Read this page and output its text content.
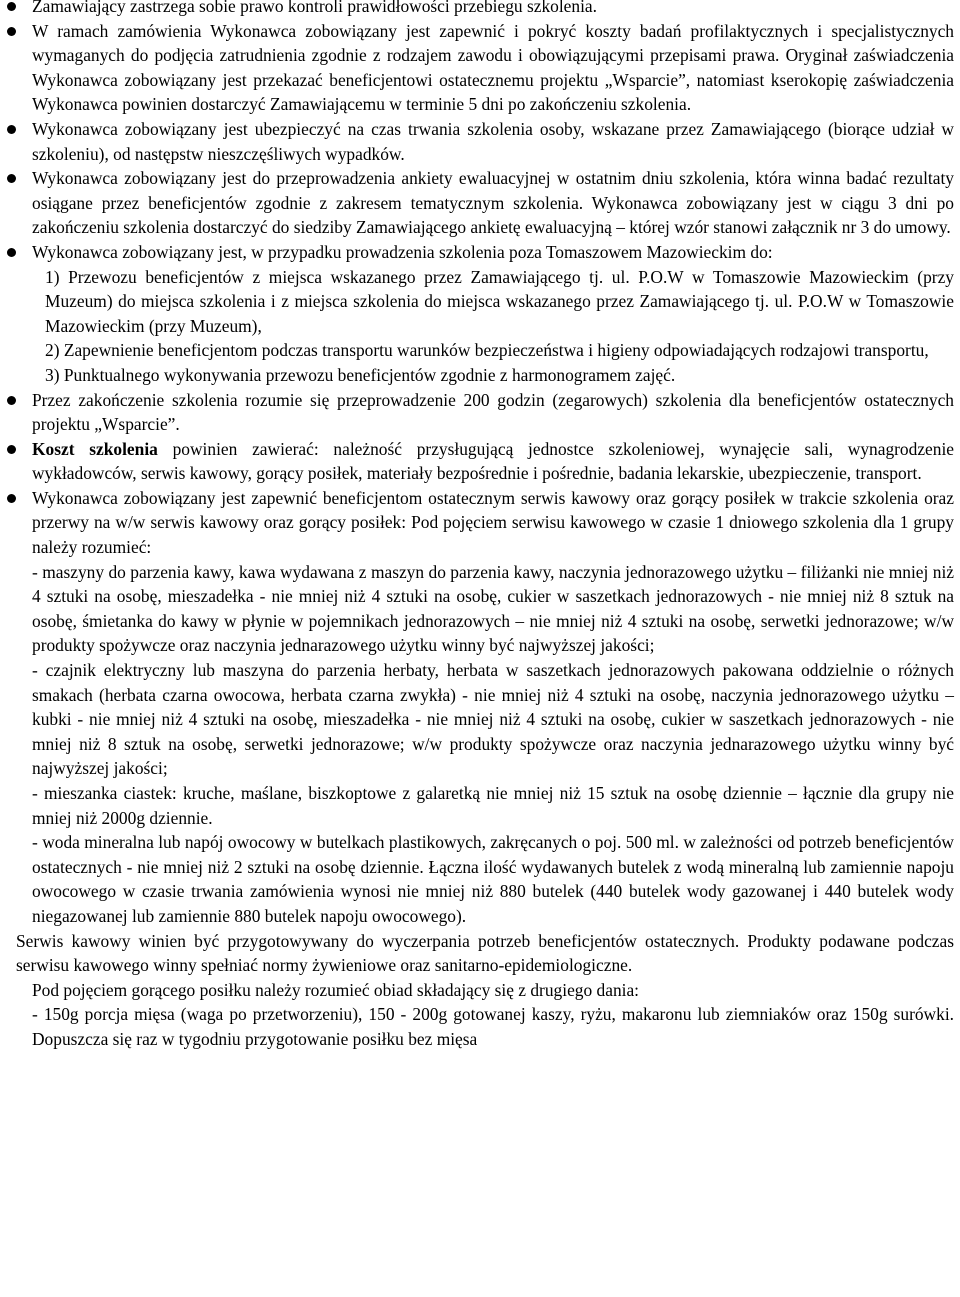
Zamawiający zastrzega sobie prawo kontroli prawidłowości przebiegu szkolenia.
W ramach zamówienia Wykonawca zobowiązany jest zapewnić i pokryć koszty badań profilaktycznych i specjalistycznych wymaganych do podjęcia zatrudnienia zgodnie z rodzajem zawodu i obowiązującymi przepisami prawa. Oryginał zaświadczenia Wykonawca zobowiązany jest przekazać beneficjentowi ostatecznemu projektu „Wsparcie”, natomiast kserokopię zaświadczenia Wykonawca powinien dostarczyć Zamawiającemu w terminie 5 dni po zakończeniu szkolenia.
Wykonawca zobowiązany jest ubezpieczyć na czas trwania szkolenia osoby, wskazane przez Zamawiającego (biorące udział w szkoleniu), od następstw nieszczęśliwych wypadków.
Wykonawca zobowiązany jest do przeprowadzenia ankiety ewaluacyjnej w ostatnim dniu szkolenia, która winna badać rezultaty osiągane przez beneficjentów zgodnie z zakresem tematycznym szkolenia. Wykonawca zobowiązany jest w ciągu 3 dni po zakończeniu szkolenia dostarczyć do siedziby Zamawiającego ankietę ewaluacyjną – której wzór stanowi załącznik nr 3 do umowy.
Wykonawca zobowiązany jest, w przypadku prowadzenia szkolenia poza Tomaszowem Mazowieckim do:
1) Przewozu beneficjentów z miejsca wskazanego przez Zamawiającego tj. ul. P.O.W w Tomaszowie Mazowieckim (przy Muzeum) do miejsca szkolenia i z miejsca szkolenia do miejsca wskazanego przez Zamawiającego tj. ul. P.O.W w Tomaszowie Mazowieckim (przy Muzeum),
2) Zapewnienie beneficjentom podczas transportu warunków bezpieczeństwa i higieny odpowiadających rodzajowi transportu,
3) Punktualnego wykonywania przewozu beneficjentów zgodnie z harmonogramem zajęć.
Przez zakończenie szkolenia rozumie się przeprowadzenie 200 godzin (zegarowych) szkolenia dla beneficjentów ostatecznych projektu „Wsparcie”.
Koszt szkolenia powinien zawierać: należność przysługującą jednostce szkoleniowej, wynajęcie sali, wynagrodzenie wykładowców, serwis kawowy, gorący posiłek, materiały bezpośrednie i pośrednie, badania lekarskie, ubezpieczenie, transport.
Wykonawca zobowiązany jest zapewnić beneficjentom ostatecznym serwis kawowy oraz gorący posiłek w trakcie szkolenia oraz przerwy na w/w serwis kawowy oraz gorący posiłek: Pod pojęciem serwisu kawowego w czasie 1 dniowego szkolenia dla 1 grupy należy rozumieć:
- maszyny do parzenia kawy, kawa wydawana z maszyn do parzenia kawy, naczynia jednorazowego użytku – filiżanki nie mniej niż 4 sztuki na osobę, mieszadełka - nie mniej niż 4 sztuki na osobę, cukier w saszetkach jednorazowych - nie mniej niż 8 sztuk na osobę, śmietanka do kawy w płynie w pojemnikach jednorazowych – nie mniej niż 4 sztuki na osobę, serwetki jednorazowe; w/w produkty spożywcze oraz naczynia jednarazowego użytku winny być najwyższej jakości;
- czajnik elektryczny lub maszyna do parzenia herbaty, herbata w saszetkach jednorazowych pakowana oddzielnie o różnych smakach (herbata czarna owocowa, herbata czarna zwykła) - nie mniej niż 4 sztuki na osobę, naczynia jednorazowego użytku – kubki - nie mniej niż 4 sztuki na osobę, mieszadełka - nie mniej niż 4 sztuki na osobę, cukier w saszetkach jednorazowych - nie mniej niż 8 sztuk na osobę, serwetki jednorazowe; w/w produkty spożywcze oraz naczynia jednarazowego użytku winny być najwyższej jakości;
- mieszanka ciastek: kruche, maślane, biszkoptowe z galaretką nie mniej niż 15 sztuk na osobę dziennie – łącznie dla grupy nie mniej niż 2000g dziennie.
- woda mineralna lub napój owocowy w butelkach plastikowych, zakręcanych o poj. 500 ml. w zależności od potrzeb beneficjentów ostatecznych - nie mniej niż 2 sztuki na osobę dziennie. Łączna ilość wydawanych butelek z wodą mineralną lub zamiennie napoju owocowego w czasie trwania zamówienia wynosi nie mniej niż 880 butelek (440 butelek wody gazowanej i 440 butelek wody niegazowanej lub zamiennie 880 butelek napoju owocowego).
Serwis kawowy winien być przygotowywany do wyczerpania potrzeb beneficjentów ostatecznych. Produkty podawane podczas serwisu kawowego winny spełniać normy żywieniowe oraz sanitarno-epidemiologiczne.
Pod pojęciem gorącego posiłku należy rozumieć obiad składający się z drugiego dania:
- 150g porcja mięsa (waga po przetworzeniu), 150 - 200g gotowanej kaszy, ryżu, makaronu lub ziemniaków oraz 150g surówki. Dopuszcza się raz w tygodniu przygotowanie posiłku bez mięsa
